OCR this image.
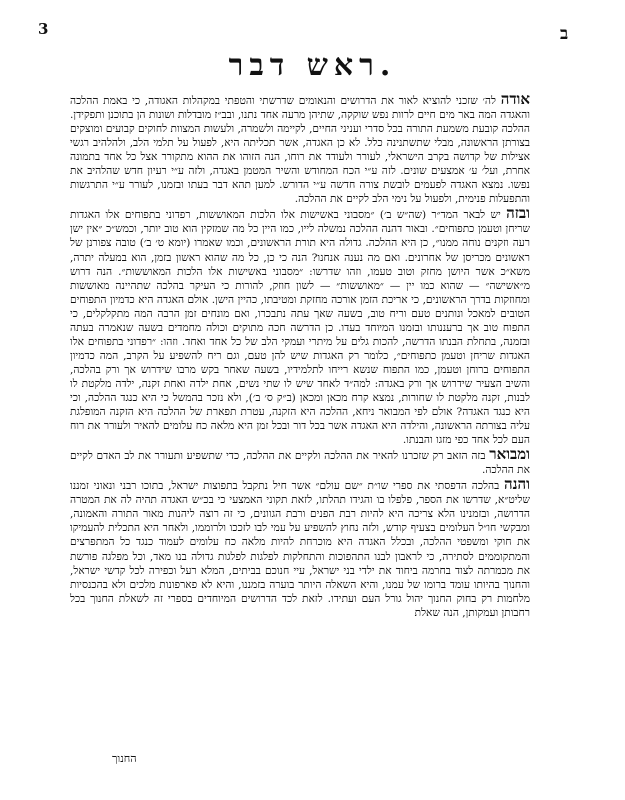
ב
3
ראש דבר.

אודה לה׳ שזכני להוציא לאור את הדרושים והנאומים שדרשתי והטפתי במקהלות האגודה, כי באמת ההלכה והאגדה המה באר מים חיים לרוות נפש שוקקה, שתיהן מרעה אחד נתנו, ובב״ז מובדלות ושונות הן בתוכנן ותפקידן. ההלכה קובעת משמעת התורה בכל סדרי ועניני החיים, לקיימה ולשמרה, ולעשות המצוות לחוקים קבועים ומוצקים בצורתן הראשונה, מבלי שתשתנינה כלל. לא כן האגדה, אשר תכליתה היא, לפעול על תלמי הלב, ולהלהיב רגשי אצילות של קדושה בקרב הישראלי, לעורר ולעודד את רוחו, הנה הזוהו את ההוא מתקורר אצל כל אחד בתמונה אחרת, ועל׳ ע׳ אמצעים שונים. לזה ע״י הכח המחודש והשיר המטמן באגדה, ולזה ע״י רעיון חדש שהלהיב את נפשו. נמצא האגדה לפעמים לובשת צורה חדשה ע״י הדורש. למען תהא דבר בעתו ובזמנו, לעורר ע״י התרגשות והתפעלות פנימית, ולפעול על נימי הלב לקיים את ההלכה.

ובזה יש לבאר המד״ר (שה״ש ב׳) ״מסבוני באשישות אלו הלכות המאוששות, רפדוני בתפוחים אלו האגדות שריחן וטעמן כתפוחים״. ובאור דהנה ההלכה נמשלה לייו, כמו היין כל מה שמזקין הוא טוב יותר, וכמש״כ ״אין ישן רעה וזקנים נוחה ממנו״, כן היא ההלכה. גדולה היא תורת הראשונים, וכמו שאמרו (יומא ט׳ ב׳) טובה צפורנן של ראשונים מכריסן של אחרונים. ואם מה נענה אנחנו? הנה כי כן, כל מה שהוא ראשון בזמן, הוא במעלה יתרה, משא״כ אשר היושן מחזק וטוב טעמו, וזהו שדרשו: ״מסבוני באשישות אלו הלכות המאוששות״. הנה דרוש מ״אשישה״ — שהוא כמו יין — ״מאוששות״ — לשון חוזק, להורות כי העיקר בהלכה שתהיינה מאוששות ומחוזקות בדרך הראשונים, כי אריכת הזמן אורכה מחזקת ומטיבתו, כהיין הישן. אולם האגדה היא כדמיון התפוחים הטובים למאכל ונותנים טעם וריח טוב, בשעה שאך עתה נתבכרו, ואם מונחים זמן הרבה המה מתקלקלים, כי התפוח טוב אך ברעננותו ובזמנו המיוחד בעדו. כן הדרשה חכה מתוקים וכולה מחמדים בשעה שנאמרה בעתה ובזמנה, בתחלת הבנתו הדרשה, להכות גלים על מיתרי ועמקי הלב של כל אחד ואחד. וזהו: ״רפדוני בתפוחים אלו האגדות שריחן וטעמן כתפוחים״, כלומר רק האגדות שיש להן טעם, וגם ריח להשפיע על הקרב, המה כדמיון התפוחים ברוחן וטעמן, כמו התפוח שנשא רייחו לתלמידיו, בשעה שאחר בקש מרבו שידרוש אך ורק בהלכה, והשיב הצעיר שידרוש אך ורק באגדה: למה״ד לאחד שיש לו שתי נשים, אחת ילדה ואחת זקנה, ילדה מלקטת לו לבנות, זקנה מלקטת לו שחורות, נמצא קרח מכאן ומכאן (ב״ק ס׳ ב׳), ולא נזכר בהמשל כי היא כנגד ההלכה, וכי היא כנגד האגדה? אולם לפי המבואר ניחא, ההלכה היא הזקנה, עטרת תפארת של ההלכה היא הזקנה המופלגת עליה בצורתה הראשונה, והילדה היא האגדה אשר בכל דור ובכל זמן היא מלאה כח עלומים להאיר ולעורר את רוח העם לכל אחד כפי מזגו והבנתו.

ומבואר בזה הזאב רק שזכרנו להאיר את ההלכה ולקיים את ההלכה, כדי שתשפיע ותעורר את לב האדם לקיים את ההלכה.

והנה בהלכה הדפסתי את ספרי שו״ת ״שם עולם״ אשר חיל נתקבל בתפוצות ישראל, בתוכו רבני ונאוני זמננו שליט״א, שדרשו את הספר, פלפלו בו והגידו תהלתו, לזאת תקוני האמצעי כי בכ״ש האגדה תהיה לה את המטרה הדרושה, ובזמנינו הלא צריכה היא להיות רבת הפנים ורבת הגוונים, כי זה רוצה ליהנות מאור התורה והאמונה, ומבקשי חו״ל העלומים בצעיף קודש, ולזה נחוץ להשפיע על עמי לבו לזככו ולרוממו, ולאחר היא התכלית להעמיקו את חוקי ומשפטי ההלכה, ובכלל האגדה היא מוכרחת להיות מלאה כח עלומים לעמוד כנגד כל המתפרצים והמתקוממים לסתירה, כי לראבון לבנו התהפוכות והתחלקות לפלגות לפלגות גדולה בנו מאד, וכל מפלגה פורשת את מכמרתה לצוד בחרמה ביחוד את ילדי בני ישראל, עיי חנוכם בביתים, המלא רעל וכפירה לכל קדשי ישראל, והחנוך בהיותו עומד ברומו של עמנו, והיא השאלה היותר בוערה בזמננו, והיא לא פארפונות מלכים ולא בהכנסיות מלחמות רק בחוק החנוך יהול גורל העם ועתידו. לזאת לכד הדרושים המיוחדים בספרי זה לשאלת החנוך בכל רחבותן ועמקותן, הנה שאלת

החנוך
